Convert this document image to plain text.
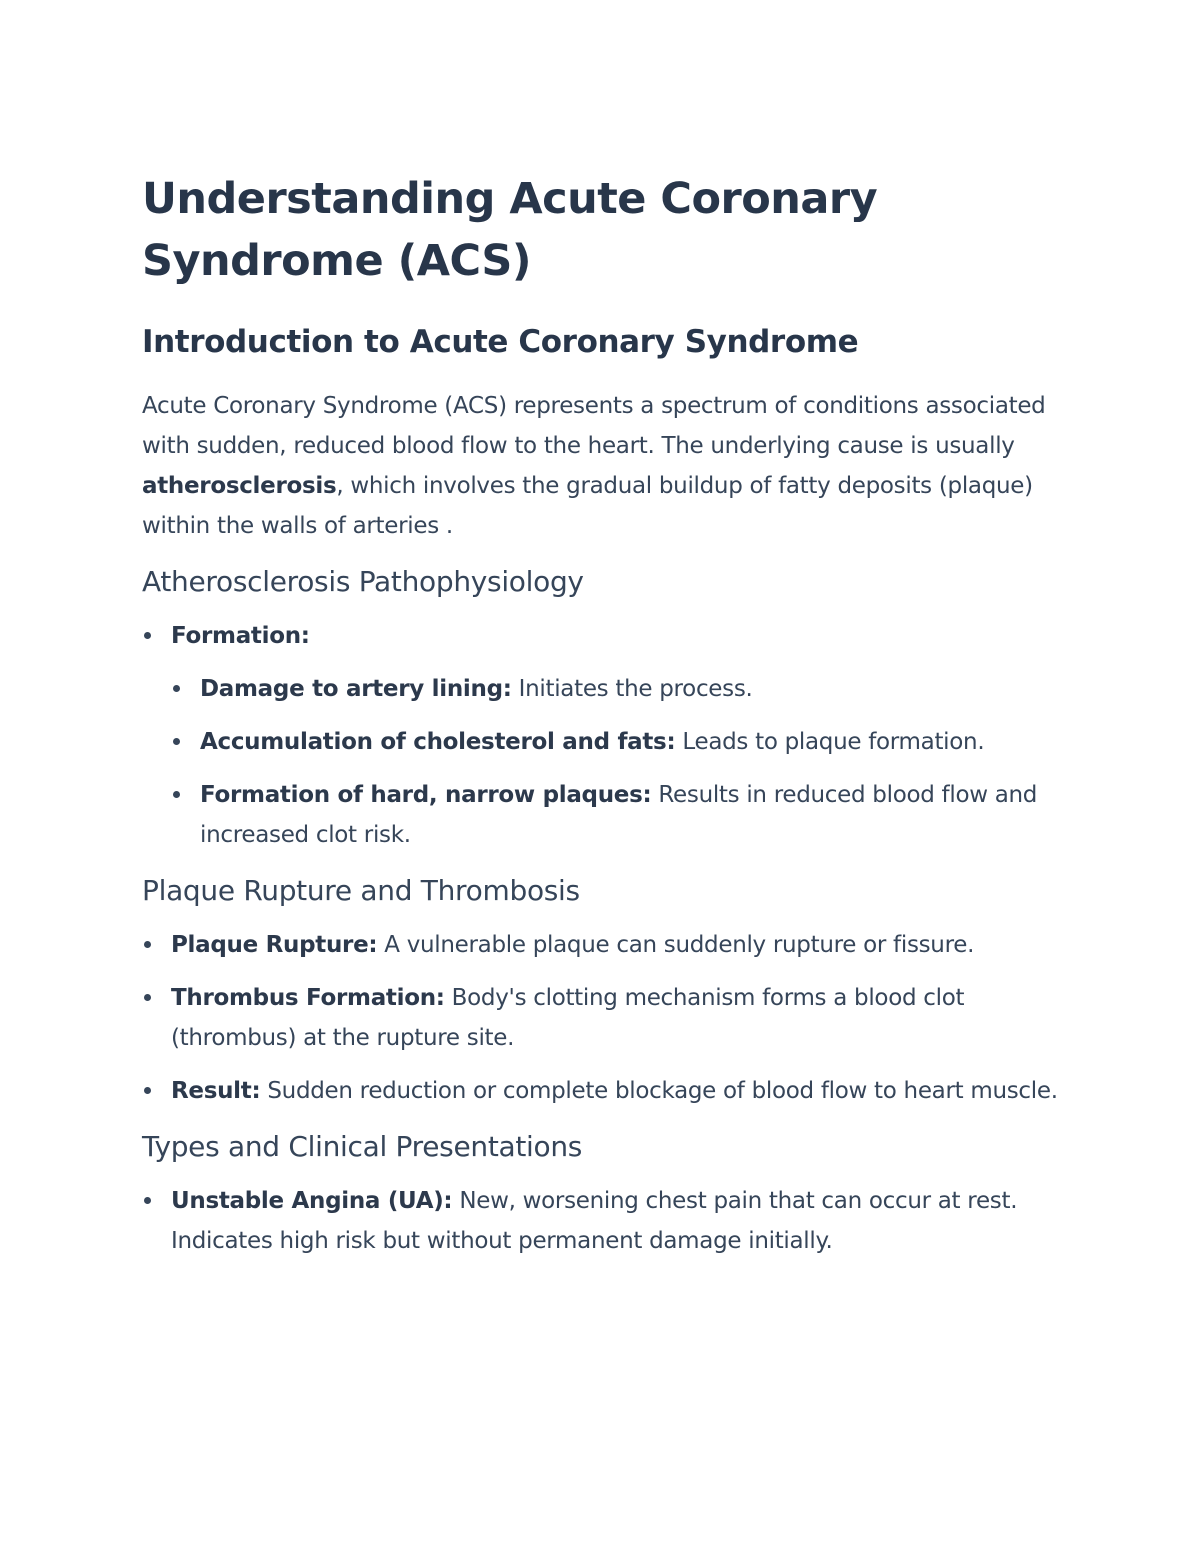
Understanding Acute Coronary Syndrome (ACS)
Introduction to Acute Coronary Syndrome

Acute Coronary Syndrome (ACS) represents a spectrum of conditions associated with sudden, reduced blood flow to the heart. The underlying cause is usually atherosclerosis, which involves the gradual buildup of fatty deposits (plaque) within the walls of arteries .

Atherosclerosis Pathophysiology
Formation:
Damage to artery lining: Initiates the process.
Accumulation of cholesterol and fats: Leads to plaque formation.
Formation of hard, narrow plaques: Results in reduced blood flow and increased clot risk.
Plaque Rupture and Thrombosis
Plaque Rupture: A vulnerable plaque can suddenly rupture or fissure.
Thrombus Formation: Body's clotting mechanism forms a blood clot (thrombus) at the rupture site.
Result: Sudden reduction or complete blockage of blood flow to heart muscle.
Types and Clinical Presentations
Unstable Angina (UA): New, worsening chest pain that can occur at rest. Indicates high risk but without permanent damage initially.
